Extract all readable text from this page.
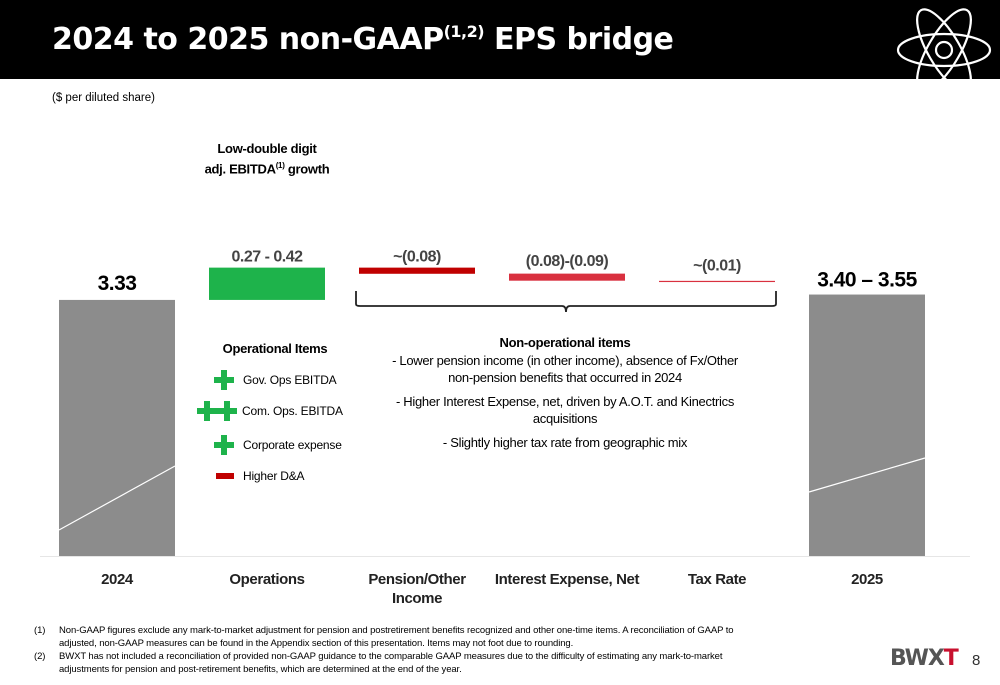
2024 to 2025 non-GAAP$^{(1,2)}$ EPS bridge
($ per diluted share)
3.33
0.27 - 0.42	~(0.08)	(0.08)-(0.09)	~(0.01)
3.40 – 3.55
2024	Operations	Pension/Other
Income
Interest Expense, Net	Tax Rate	2025
Low-double digit
adj. EBITDA$^{(1)}$ growth
Operational Items
Gov. Ops EBITDA
Com. Ops. EBITDA
Corporate expense
Higher D&A
Non-operational items

- Lower pension income (in other income), absence of Fx/Other non-pension benefits that occurred in 2024

- Higher Interest Expense, net, driven by A.O.T. and Kinectrics acquisitions

- Slightly higher tax rate from geographic mix

(1)	Non-GAAP figures exclude any mark-to-market adjustment for pension and postretirement benefits recognized and other one-time items. A reconciliation of GAAP to adjusted, non-GAAP measures can be found in the Appendix section of this presentation. Items may not foot due to rounding.
(2)	BWXT has not included a reconciliation of provided non-GAAP guidance to the comparable GAAP measures due to the difficulty of estimating any mark-to-market adjustments for pension and post-retirement benefits, which are determined at the end of the year.	BWXT 8
